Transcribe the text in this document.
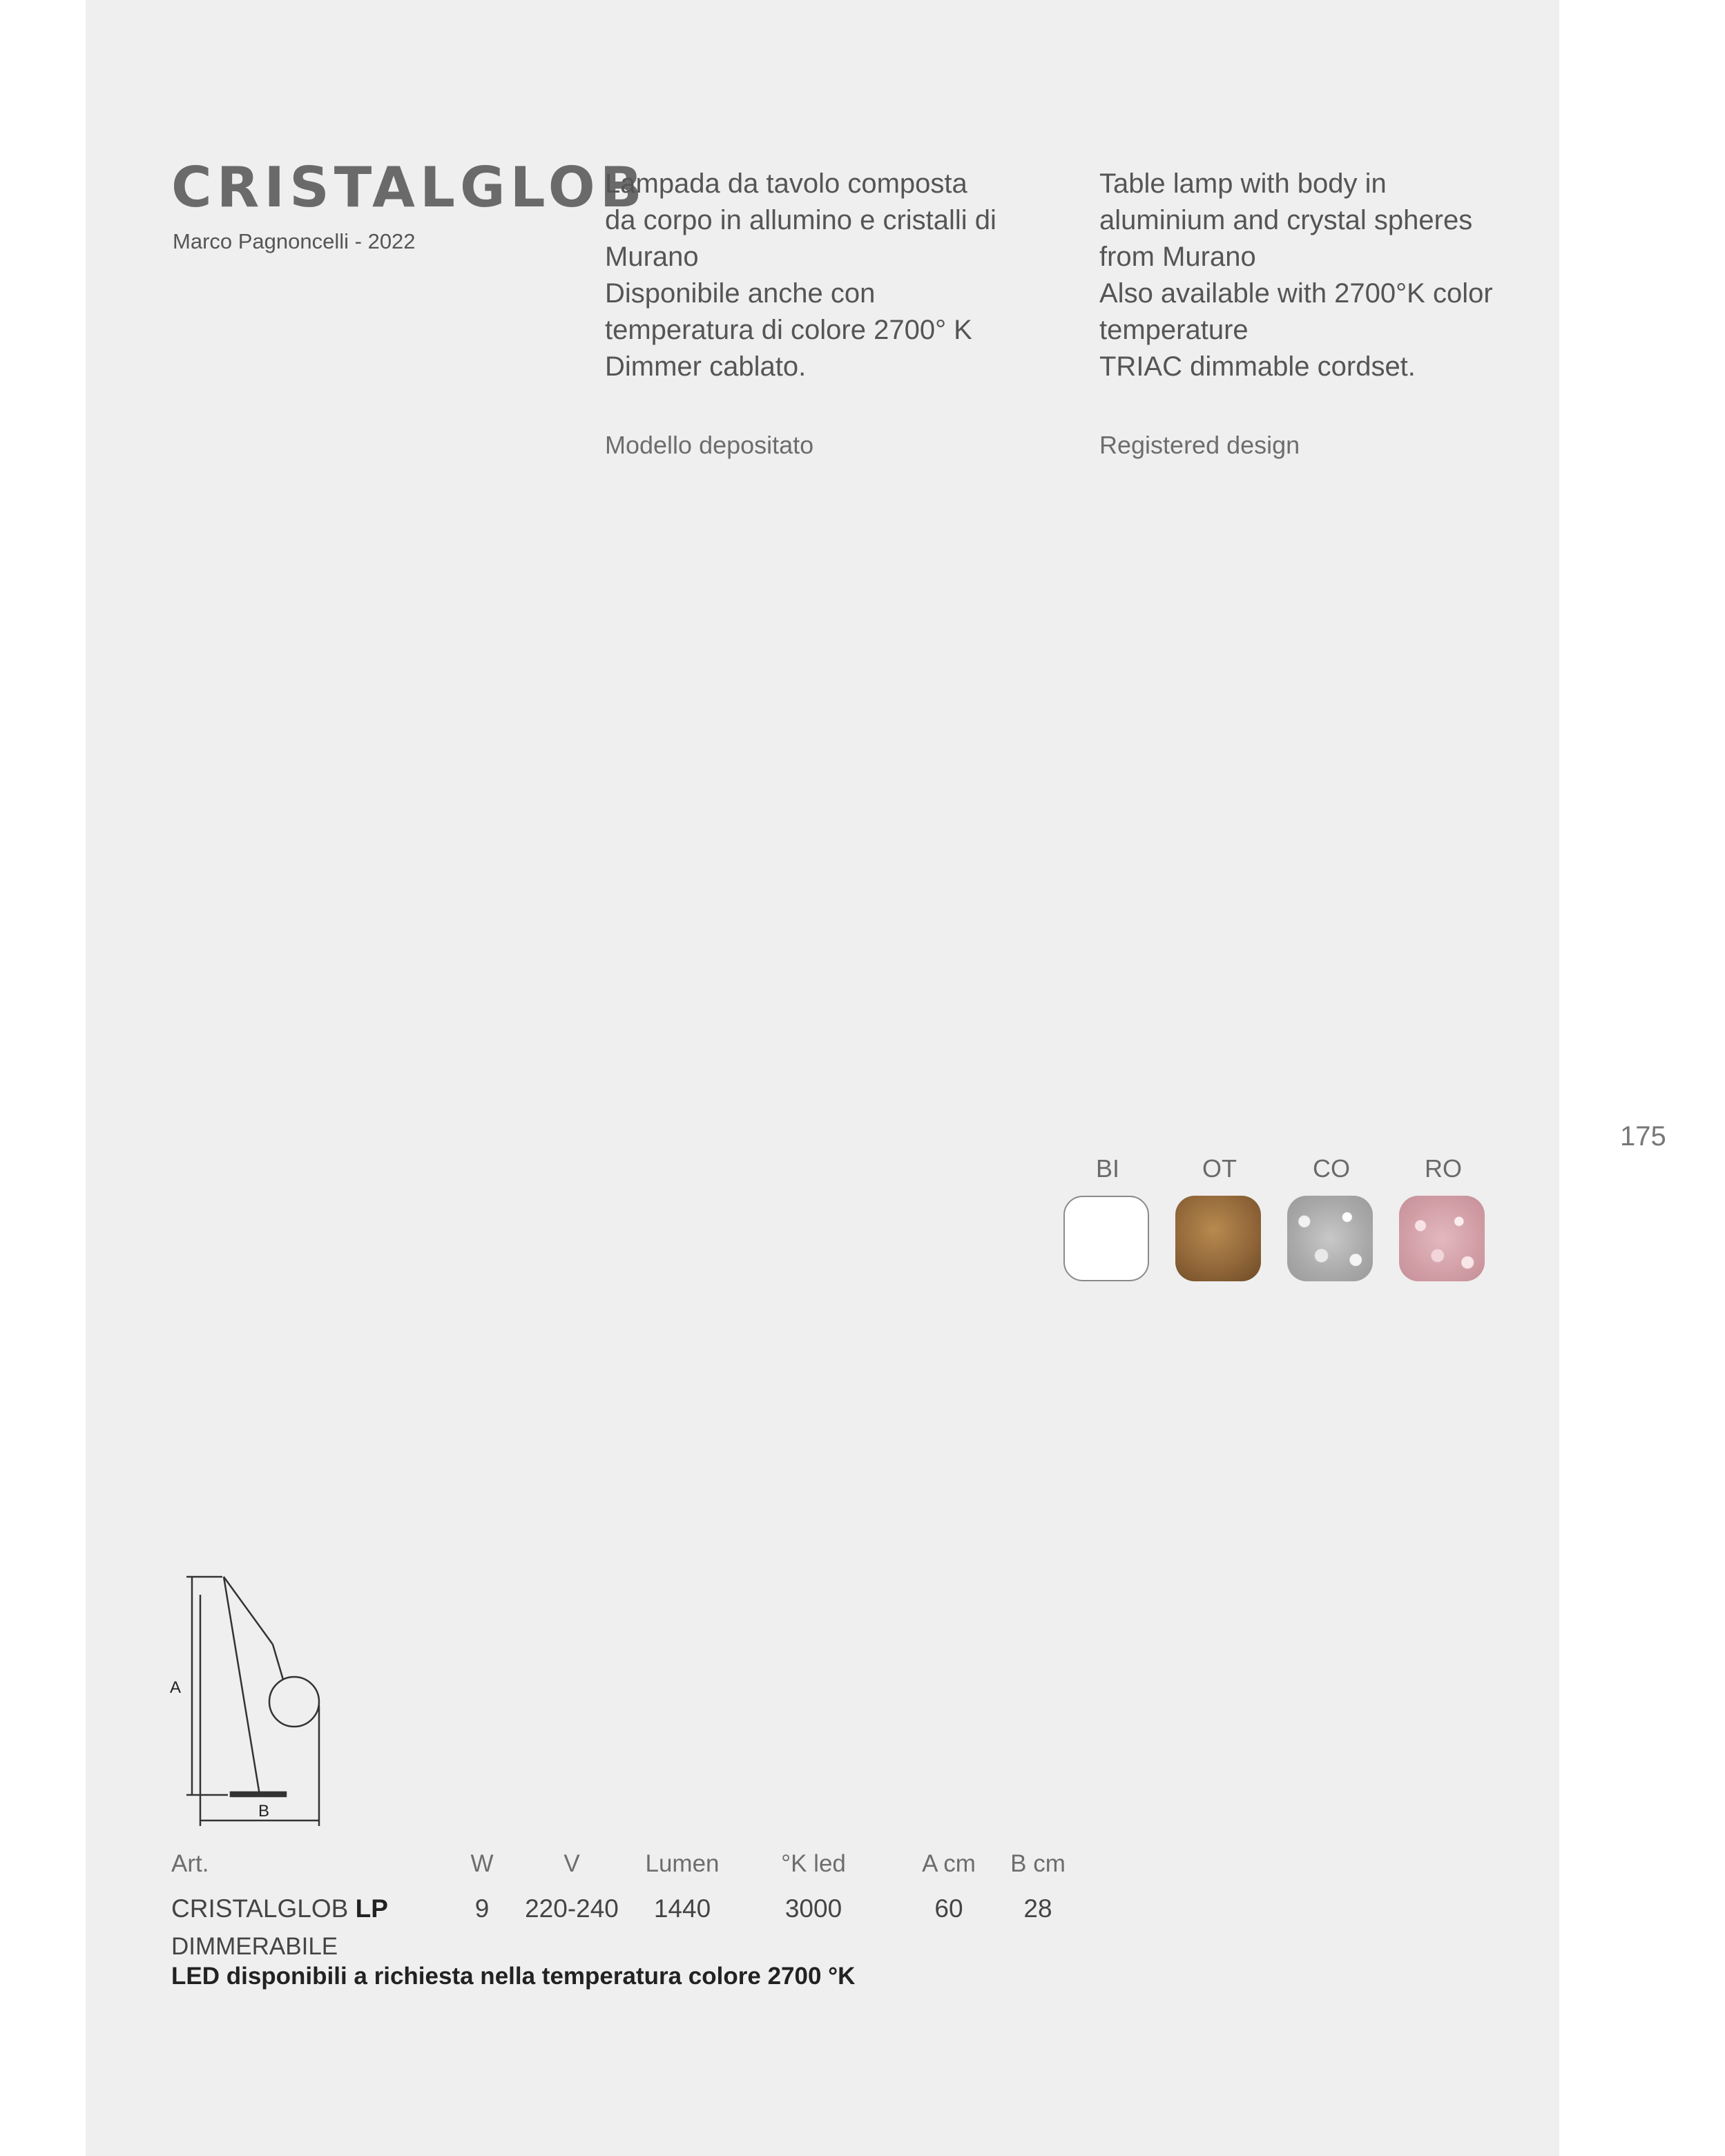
CRISTALGLOB
Marco Pagnoncelli - 2022

Lampada da tavolo composta

da corpo in allumino e cristalli di

Murano

Disponibile anche con

temperatura di colore 2700° K

Dimmer cablato.

Table lamp with body in

aluminium and crystal spheres

from Murano

Also available with 2700°K color

temperature

TRIAC dimmable cordset.

Modello depositato	Registered design
175
BI	OT	CO	RO
A
B
Art.	W	V	Lumen	°K led	A cm	B cm
CRISTALGLOB LP	9	220-240	1440	3000	60	28
DIMMERABILE
LED disponibili a richiesta nella temperatura colore 2700 °K
